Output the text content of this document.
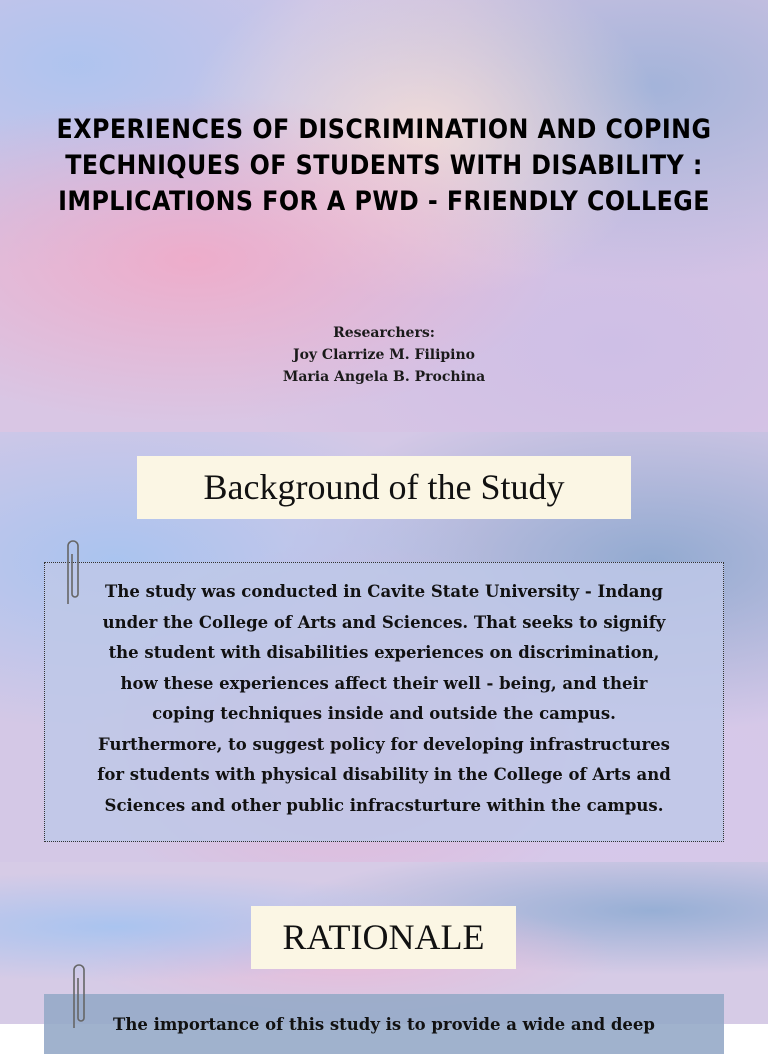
EXPERIENCES OF DISCRIMINATION AND COPING
TECHNIQUES OF STUDENTS WITH DISABILITY :
IMPLICATIONS FOR A PWD - FRIENDLY COLLEGE
Researchers:
Joy Clarrize M. Filipino
Maria Angela B. Prochina
Background of the Study
The study was conducted in Cavite State University - Indang
under the College of Arts and Sciences. That seeks to signify
the student with disabilities experiences on discrimination,
how these experiences affect their well - being, and their
coping techniques inside and outside the campus.
Furthermore, to suggest policy for developing infrastructures
for students with physical disability in the College of Arts and
Sciences and other public infracsturture within the campus.
RATIONALE
The importance of this study is to provide a wide and deep
